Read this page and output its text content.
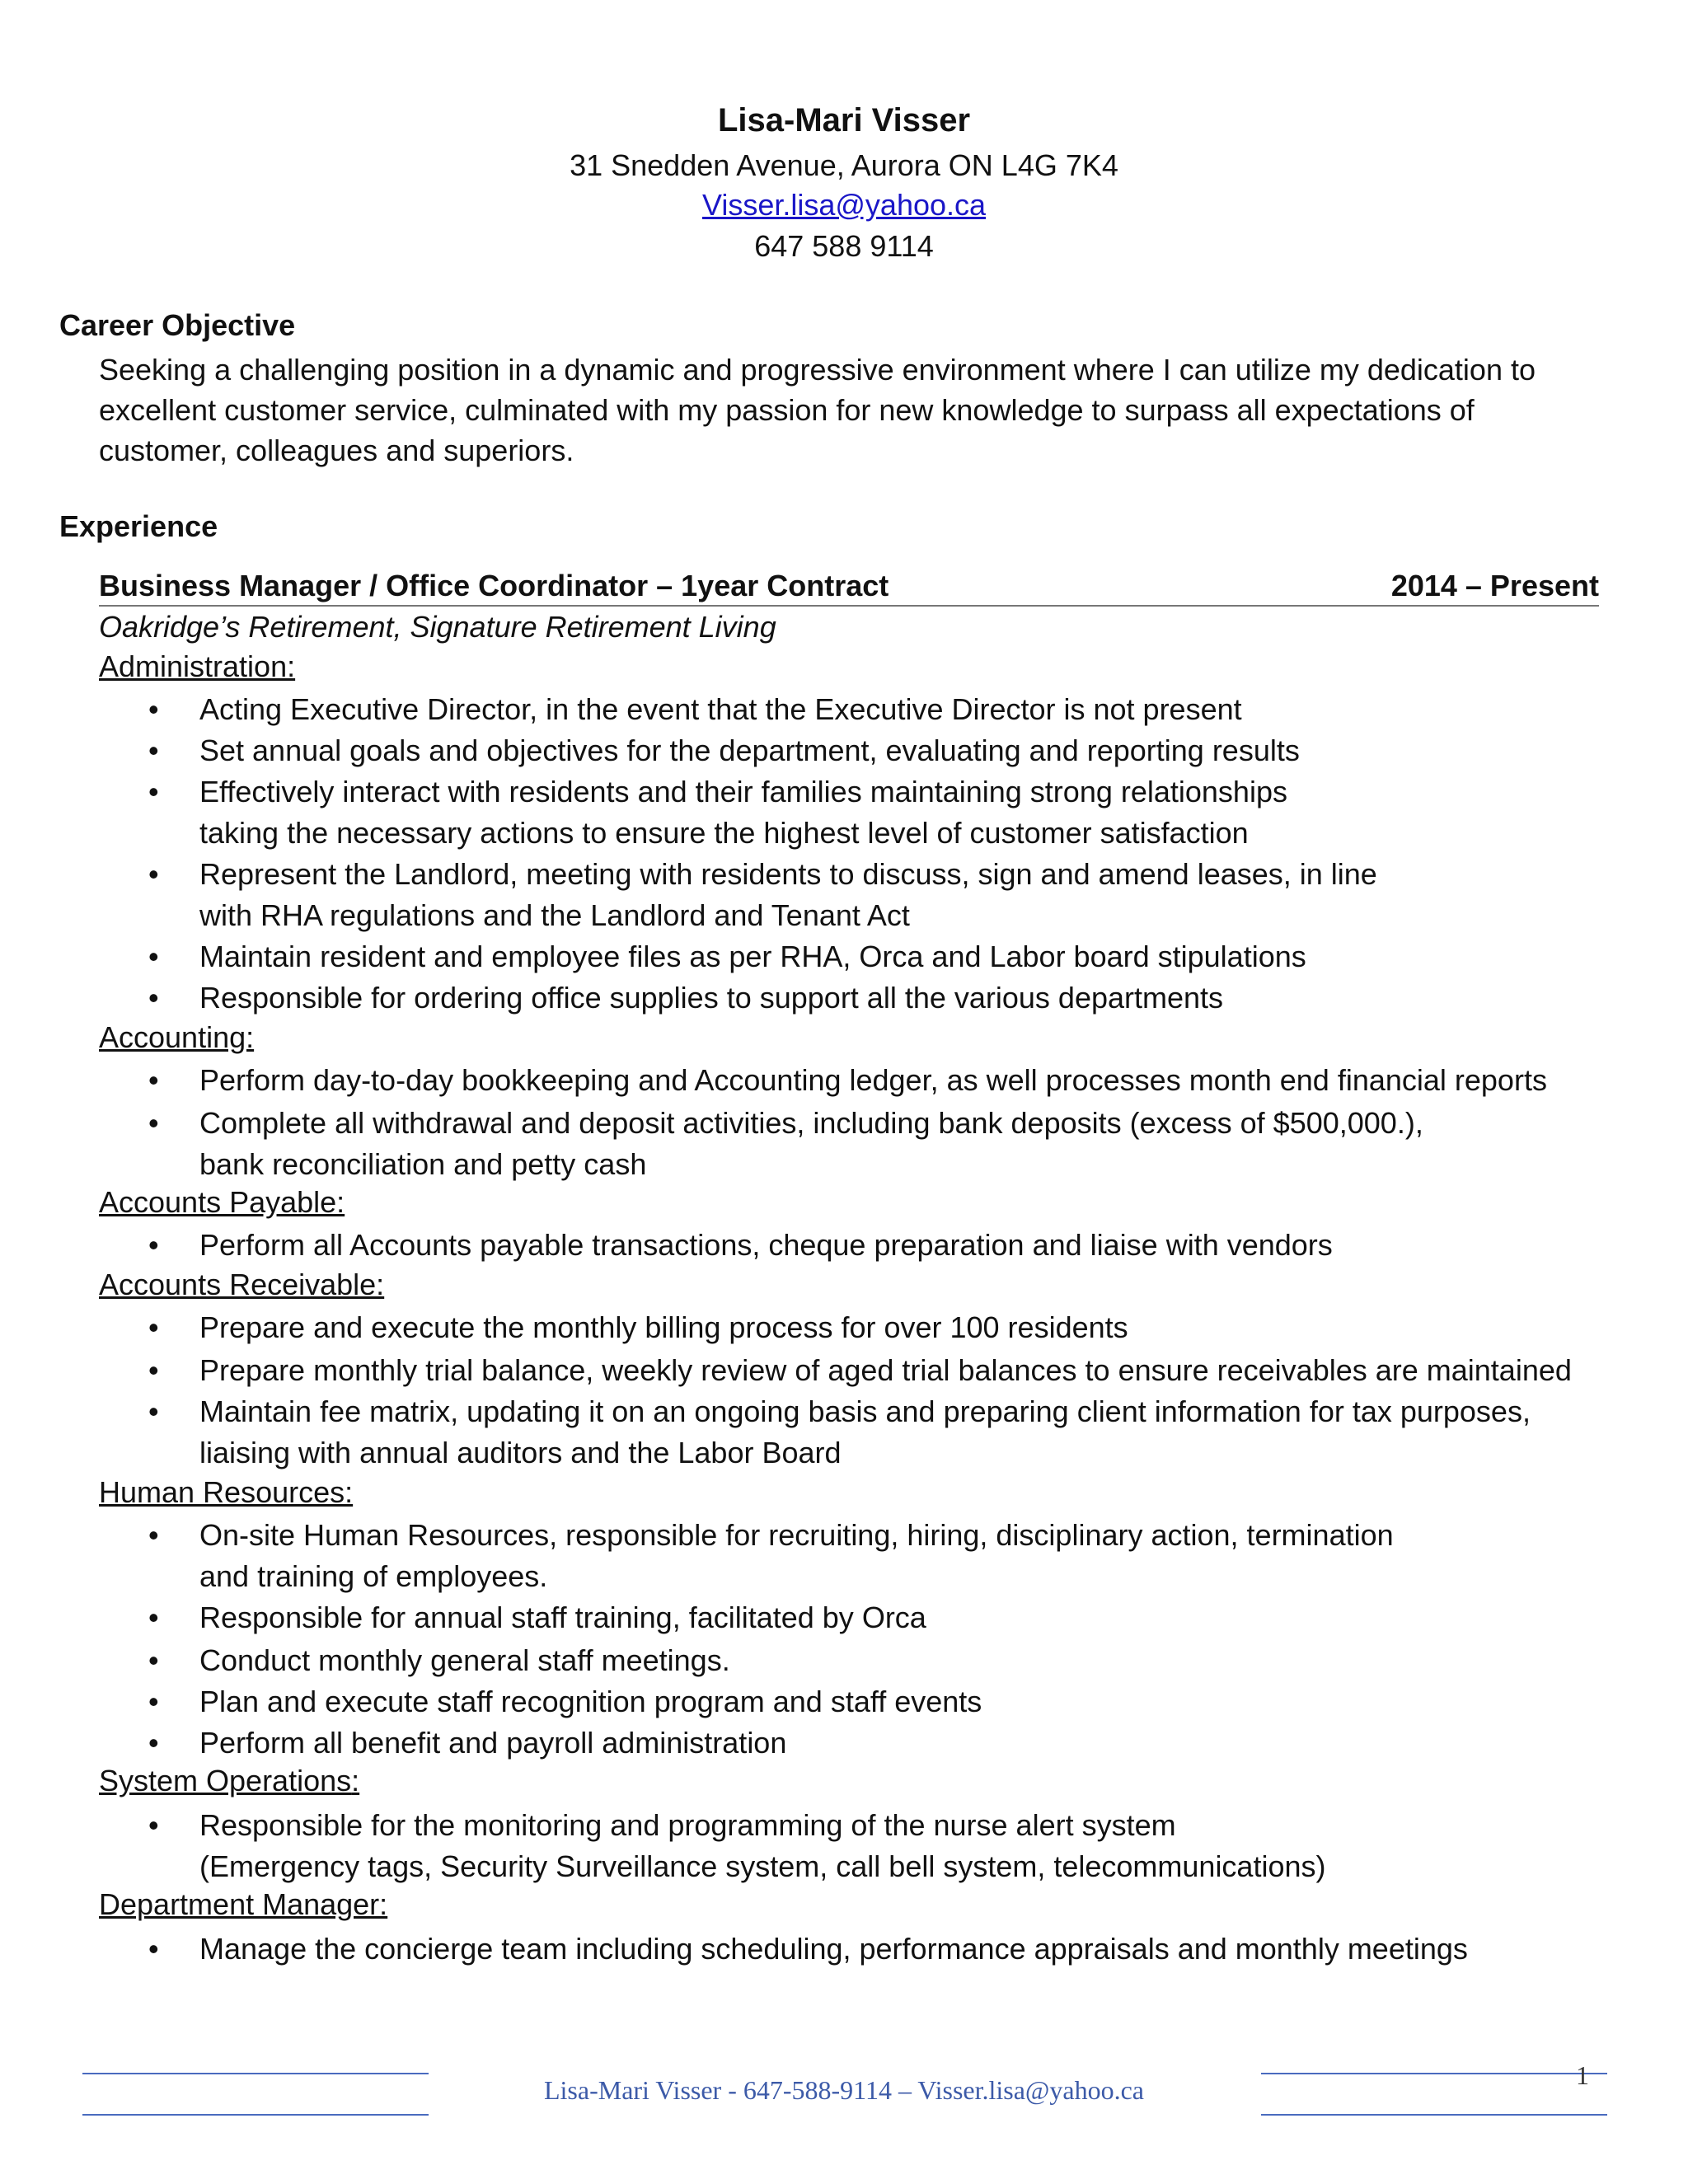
Lisa-Mari Visser
31 Snedden Avenue, Aurora ON L4G 7K4
Visser.lisa@yahoo.ca
647 588 9114
Career Objective
Seeking a challenging position in a dynamic and progressive environment where I can utilize my dedication to
excellent customer service, culminated with my passion for new knowledge to surpass all expectations of
customer, colleagues and superiors.
Experience
Business Manager / Office Coordinator – 1year Contract	2014 – Present
Oakridge’s Retirement, Signature Retirement Living
Administration:
• Acting Executive Director, in the event that the Executive Director is not present
• Set annual goals and objectives for the department, evaluating and reporting results
• Effectively interact with residents and their families maintaining strong relationships
taking the necessary actions to ensure the highest level of customer satisfaction
• Represent the Landlord, meeting with residents to discuss, sign and amend leases, in line
with RHA regulations and the Landlord and Tenant Act
• Maintain resident and employee files as per RHA, Orca and Labor board stipulations
• Responsible for ordering office supplies to support all the various departments
Accounting:
• Perform day-to-day bookkeeping and Accounting ledger, as well processes month end financial reports
• Complete all withdrawal and deposit activities, including bank deposits (excess of $500,000.),
bank reconciliation and petty cash
Accounts Payable:
• Perform all Accounts payable transactions, cheque preparation and liaise with vendors
Accounts Receivable:
• Prepare and execute the monthly billing process for over 100 residents
• Prepare monthly trial balance, weekly review of aged trial balances to ensure receivables are maintained
• Maintain fee matrix, updating it on an ongoing basis and preparing client information for tax purposes,
liaising with annual auditors and the Labor Board
Human Resources:
• On-site Human Resources, responsible for recruiting, hiring, disciplinary action, termination
and training of employees.
• Responsible for annual staff training, facilitated by Orca
• Conduct monthly general staff meetings.
• Plan and execute staff recognition program and staff events
• Perform all benefit and payroll administration
System Operations:
• Responsible for the monitoring and programming of the nurse alert system
(Emergency tags, Security Surveillance system, call bell system, telecommunications)
Department Manager:
• Manage the concierge team including scheduling, performance appraisals and monthly meetings
Lisa-Mari Visser - 647-588-9114 – Visser.lisa@yahoo.ca	1
